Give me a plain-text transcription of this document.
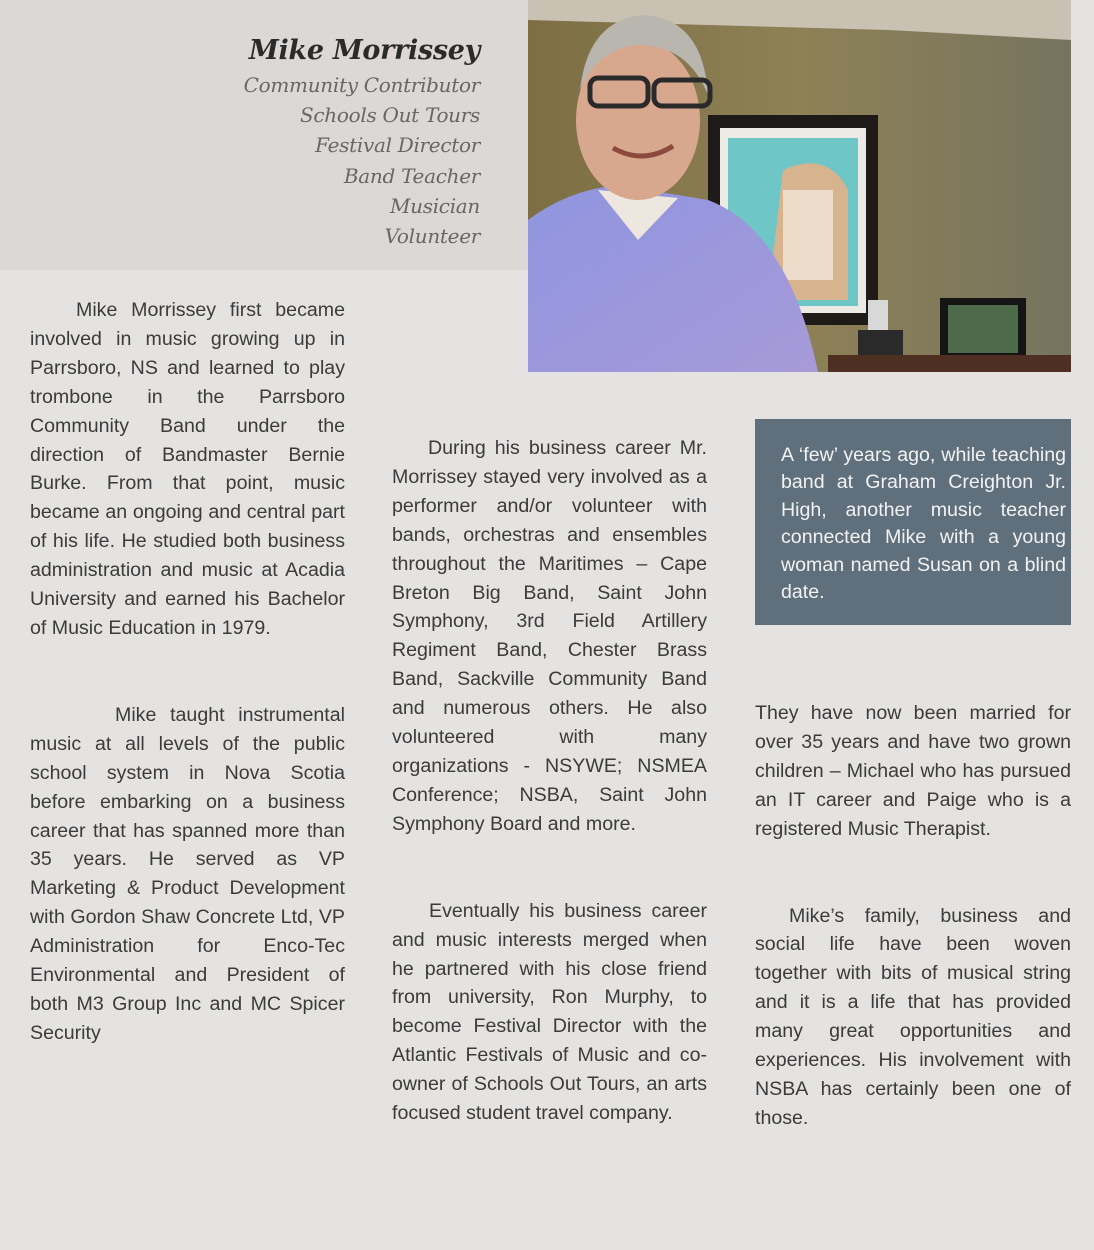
Mike Morrissey
Community Contributor
Schools Out Tours
Festival Director
Band Teacher
Musician
Volunteer

Mike Morrissey first became involved in music growing up in Parrsboro, NS and learned to play trombone in the Parrsboro Community Band under the direction of Bandmaster Bernie Burke. From that point, music became an ongoing and central part of his life. He studied both business administration and music at Acadia University and earned his Bachelor of Music Education in 1979.

Mike taught instrumental music at all levels of the public school system in Nova Scotia before embarking on a business career that has spanned more than 35 years. He served as VP Marketing & Product Development with Gordon Shaw Concrete Ltd, VP Administration for Enco-Tec Environmental and President of both M3 Group Inc and MC Spicer Security

During his business career Mr. Morrissey stayed very involved as a performer and/or volunteer with bands, orchestras and ensembles throughout the Maritimes – Cape Breton Big Band, Saint John Symphony, 3rd Field Artillery Regiment Band, Chester Brass Band, Sackville Community Band and numerous others. He also volunteered with many organizations - NSYWE; NSMEA Conference; NSBA, Saint John Symphony Board and more.

Eventually his business career and music interests merged when he partnered with his close friend from university, Ron Murphy, to become Festival Director with the Atlantic Festivals of Music and co-owner of Schools Out Tours, an arts focused student travel company.

A ‘few’ years ago, while teaching band at Graham Creighton Jr. High, another music teacher connected Mike with a young woman named Susan on a blind date.

They have now been married for over 35 years and have two grown children – Michael who has pursued an IT career and Paige who is a registered Music Therapist.

Mike’s family, business and social life have been woven together with bits of musical string and it is a life that has provided many great opportunities and experiences. His involvement with NSBA has certainly been one of those.
